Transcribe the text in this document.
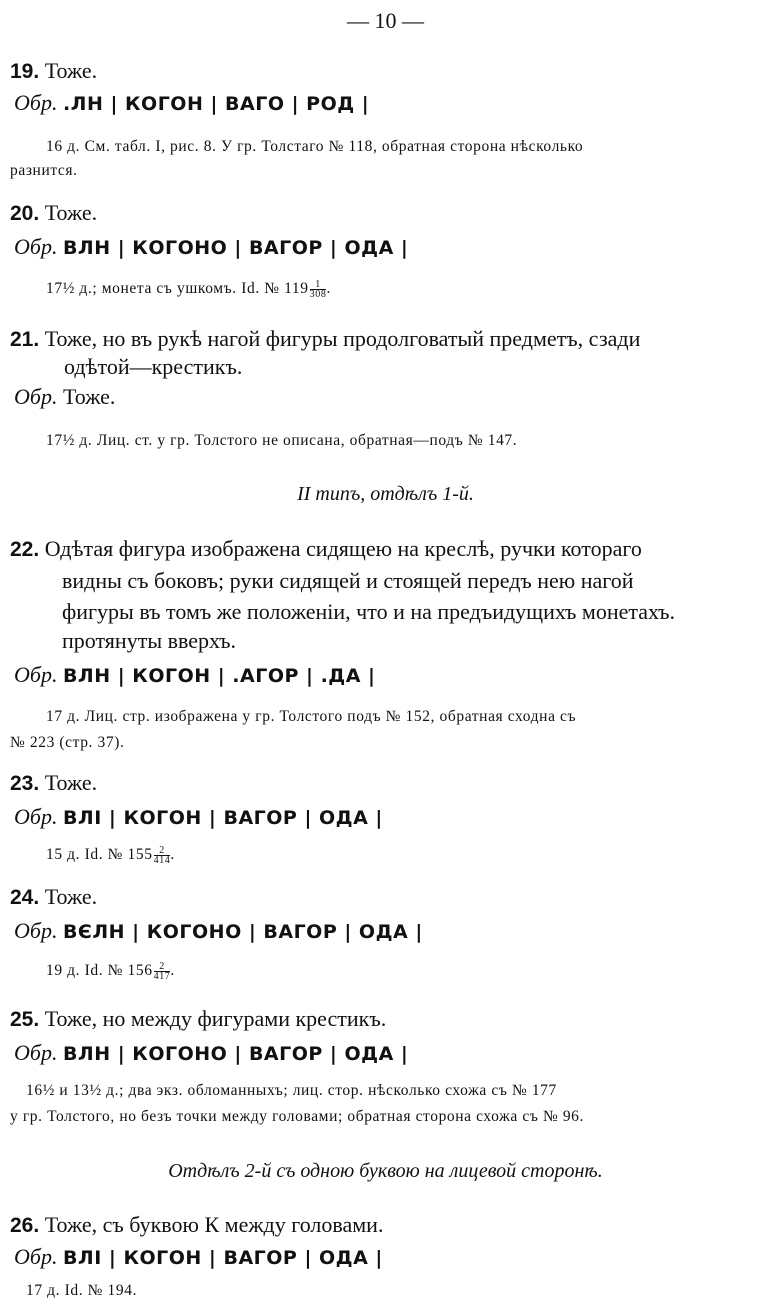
— 10 —
19. Тоже.
Обр. .ЛН | КОГОН | ВАГО | РОД |
16 д. См. табл. I, рис. 8. У гр. Толстаго № 118, обратная сторона нѣсколько
разнится.
20. Тоже.
Обр. ВЛН | КОГОНО | ВАГОР | ОДА |
17½ д.; монета съ ушкомъ. Id. № $119 \frac{1}{308}$ .
21. Тоже, но въ рукѣ нагой фигуры продолговатый предметъ, сзади
одѣтой—крестикъ.
Обр. Тоже.
17½ д. Лиц. ст. у гр. Толстого не описана, обратная—подъ № 147.
II типъ, отдѣлъ 1-й.
22. Одѣтая фигура изображена сидящею на креслѣ, ручки котораго
видны съ боковъ; руки сидящей и стоящей передъ нею нагой
фигуры въ томъ же положеніи, что и на предъидущихъ монетахъ.
протянуты вверхъ.
Обр. ВЛН | КОГОН | .АГОР | .ДА |
17 д. Лиц. стр. изображена у гр. Толстого подъ № 152, обратная сходна съ
№ 223 (стр. 37).
23. Тоже.
Обр. ВЛІ | КОГОН | ВАГОР | ОДА |
15 д. Id. № $155 \frac{2}{414}$ .
24. Тоже.
Обр. ВЄЛН | КОГОНО | ВАГОР | ОДА |
19 д. Id. № $156 \frac{2}{417}$ .
25. Тоже, но между фигурами крестикъ.
Обр. ВЛН | КОГОНО | ВАГОР | ОДА |
16½ и 13½ д.; два экз. обломанныхъ; лиц. стор. нѣсколько схожа съ № 177
у гр. Толстого, но безъ точки между головами; обратная сторона схожа съ № 96.
Отдѣлъ 2-й съ одною буквою на лицевой сторонѣ.
26. Тоже, съ буквою К между головами.
Обр. ВЛІ | КОГОН | ВАГОР | ОДА |
17 д. Id. № 194.
